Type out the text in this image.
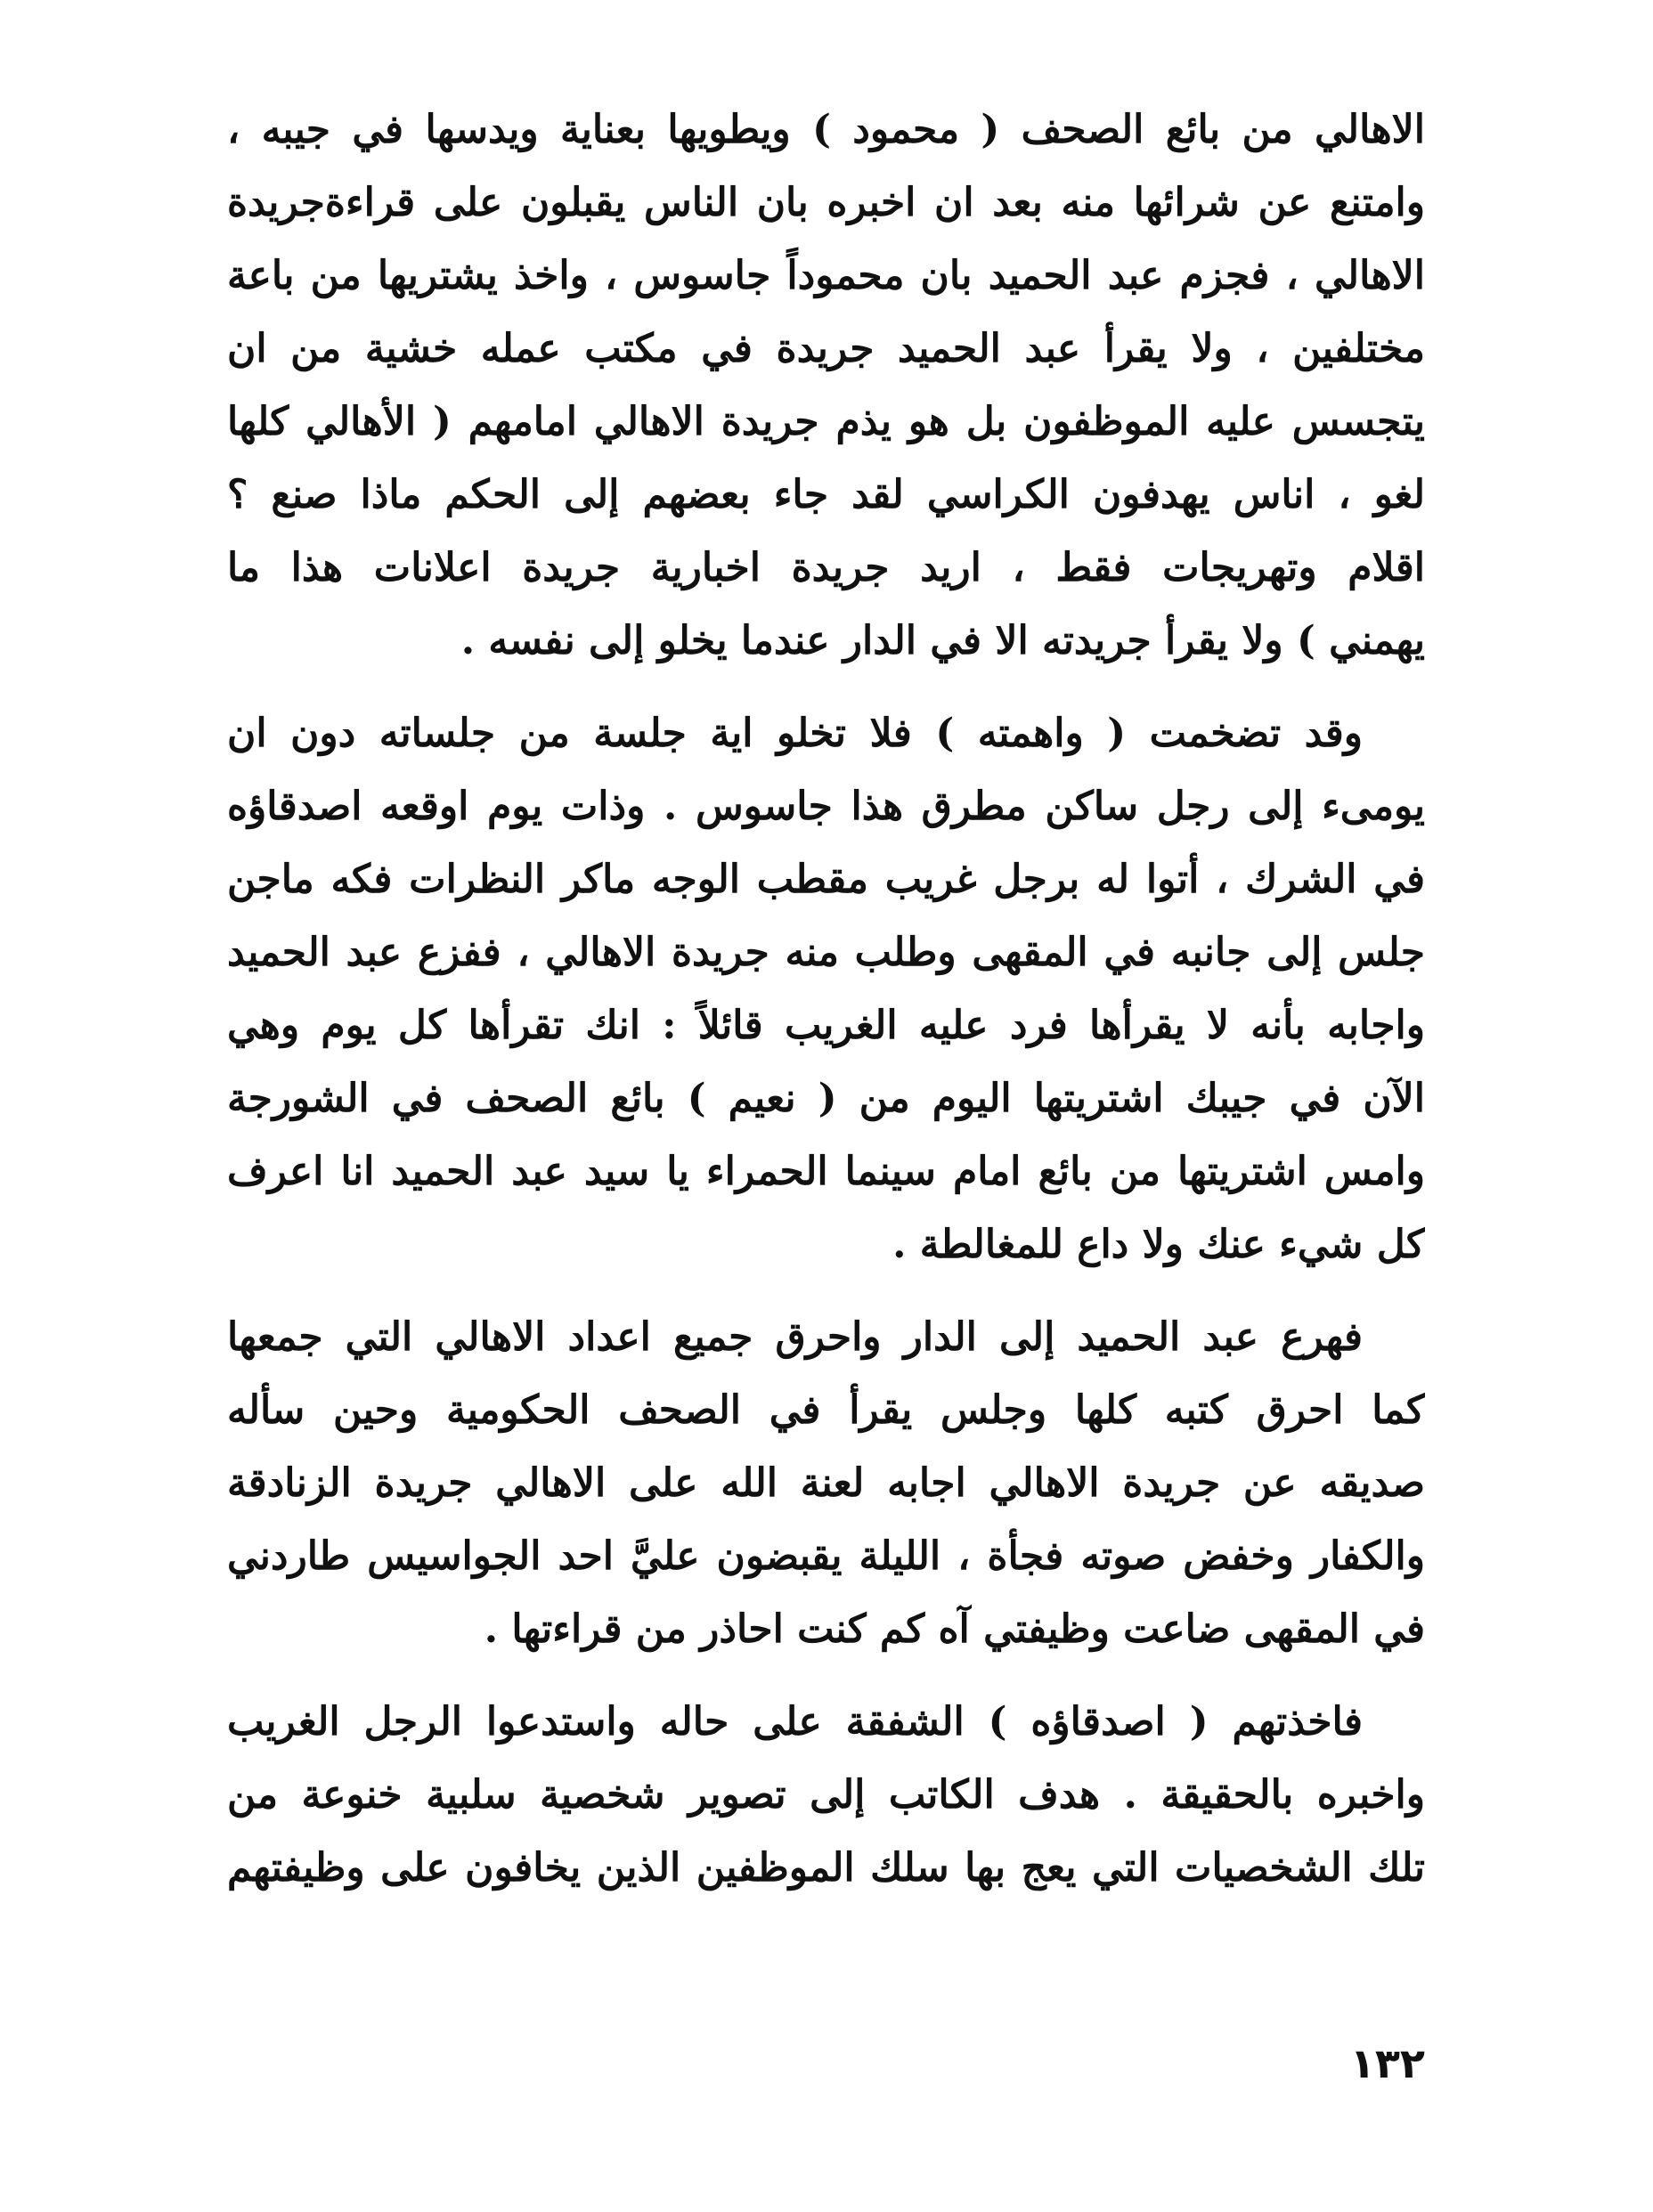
الاهالي من بائع الصحف ( محمود ) ويطويها بعناية ويدسها في جيبه ،
وامتنع عن شرائها منه بعد ان اخبره بان الناس يقبلون على قراءةجريدة
الاهالي ، فجزم عبد الحميد بان محموداً جاسوس ، واخذ يشتريها من باعة
مختلفين ، ولا يقرأ عبد الحميد جريدة في مكتب عمله خشية من ان
يتجسس عليه الموظفون بل هو يذم جريدة الاهالي امامهم ( الأهالي كلها
لغو ، اناس يهدفون الكراسي لقد جاء بعضهم إلى الحكم ماذا صنع ؟
اقلام وتهريجات فقط ، اريد جريدة اخبارية جريدة اعلانات هذا ما
يهمني ) ولا يقرأ جريدته الا في الدار عندما يخلو إلى نفسه .
وقد تضخمت ( واهمته ) فلا تخلو اية جلسة من جلساته دون ان
يومىء إلى رجل ساكن مطرق هذا جاسوس . وذات يوم اوقعه اصدقاؤه
في الشرك ، أتوا له برجل غريب مقطب الوجه ماكر النظرات فكه ماجن
جلس إلى جانبه في المقهى وطلب منه جريدة الاهالي ، ففزع عبد الحميد
واجابه بأنه لا يقرأها فرد عليه الغريب قائلاً : انك تقرأها كل يوم وهي
الآن في جيبك اشتريتها اليوم من ( نعيم ) بائع الصحف في الشورجة
وامس اشتريتها من بائع امام سينما الحمراء يا سيد عبد الحميد انا اعرف
كل شيء عنك ولا داع للمغالطة .
فهرع عبد الحميد إلى الدار واحرق جميع اعداد الاهالي التي جمعها
كما احرق كتبه كلها وجلس يقرأ في الصحف الحكومية وحين سأله
صديقه عن جريدة الاهالي اجابه لعنة الله على الاهالي جريدة الزنادقة
والكفار وخفض صوته فجأة ، الليلة يقبضون عليَّ احد الجواسيس طاردني
في المقهى ضاعت وظيفتي آه كم كنت احاذر من قراءتها .
فاخذتهم ( اصدقاؤه ) الشفقة على حاله واستدعوا الرجل الغريب
واخبره بالحقيقة . هدف الكاتب إلى تصوير شخصية سلبية خنوعة من
تلك الشخصيات التي يعج بها سلك الموظفين الذين يخافون على وظيفتهم
١٣٢
